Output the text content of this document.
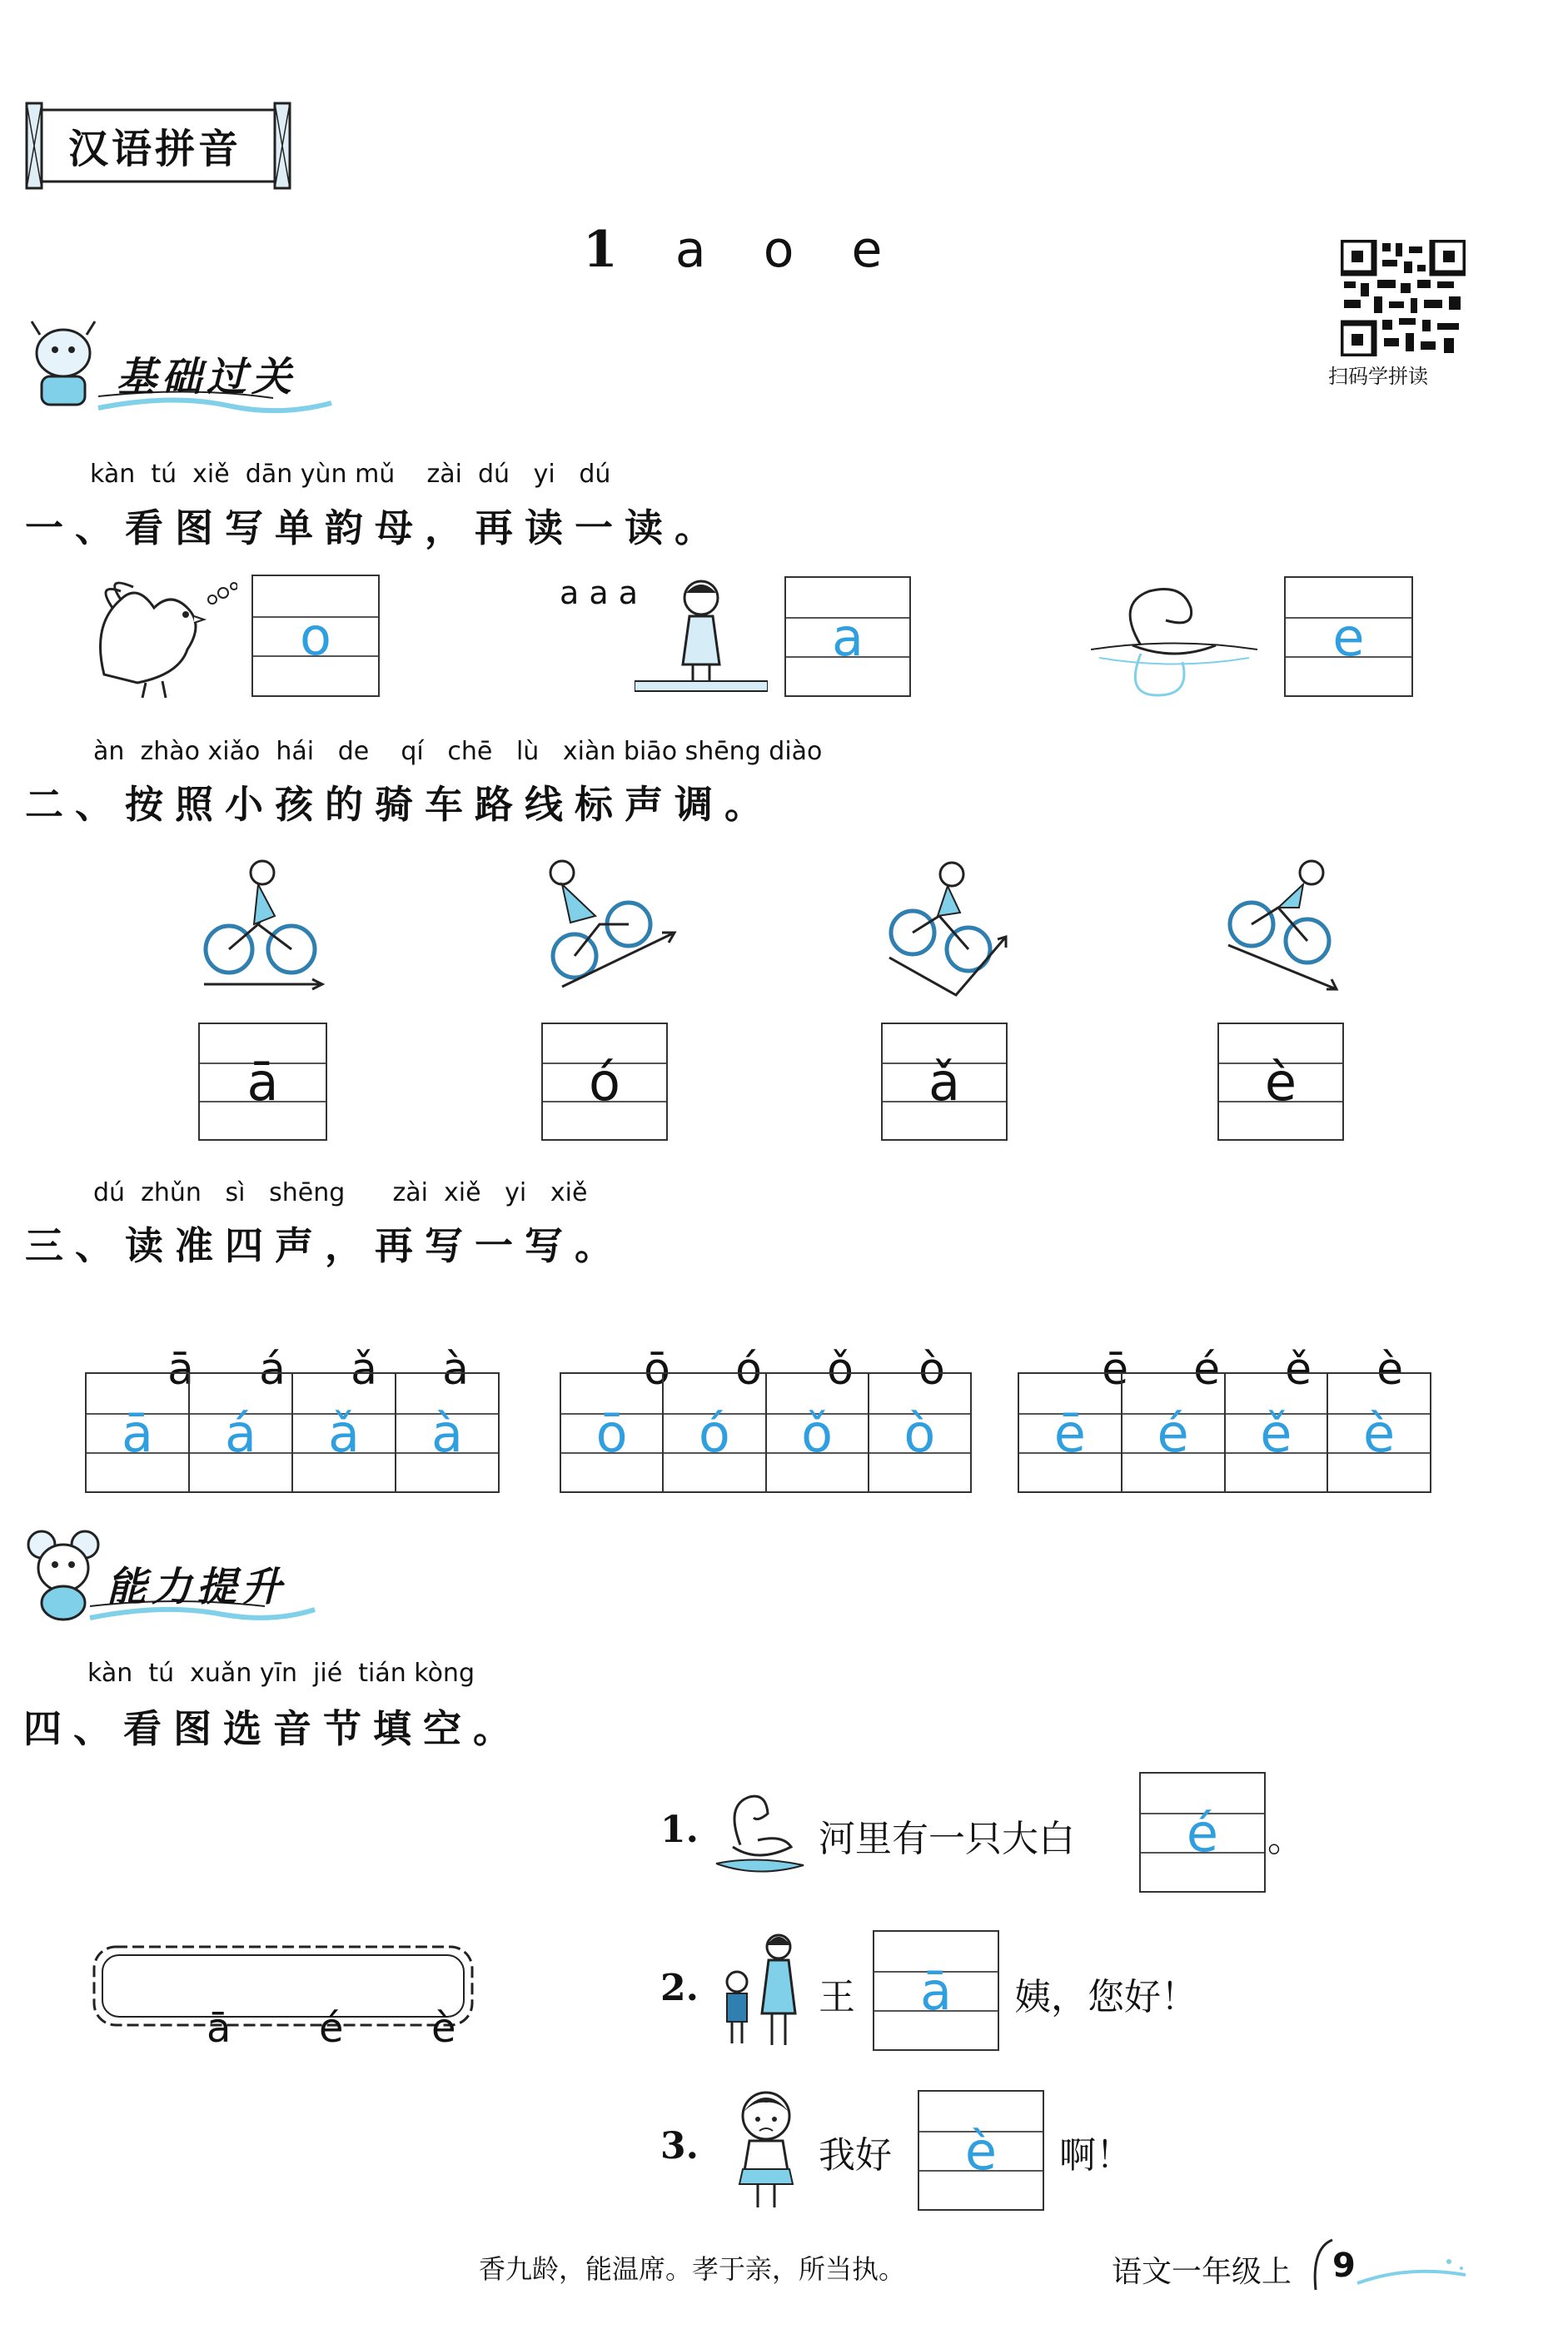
汉语拼音
1 a o e
扫码学拼读
基础过关
kàn  tú  xiě  dān yùn mǔ    zài  dú   yi   dú
一、看图写单韵母，再读一读。
o
a a a
a	e
àn  zhào xiǎo  hái   de    qí   chē   lù   xiàn biāo shēng diào
二、按照小孩的骑车路线标声调。
ā	ó	ǎ	è
dú  zhǔn   sì   shēng      zài  xiě   yi   xiě
三、读准四声，再写一写。

ā á ǎ à	ō ó ǒ ò	ē é ě è

ā	á	ǎ	à	ō	ó	ǒ	ò	ē	é	ě	è
能力提升
kàn  tú  xuǎn yīn  jié  tián kòng
四、看图选音节填空。

ā é è

1.	河里有一只大白	é	。
2.	王	ā	姨，您好！
3.	我好	è	啊！
香九龄，能温席。孝于亲，所当执。	语文一年级上 9
